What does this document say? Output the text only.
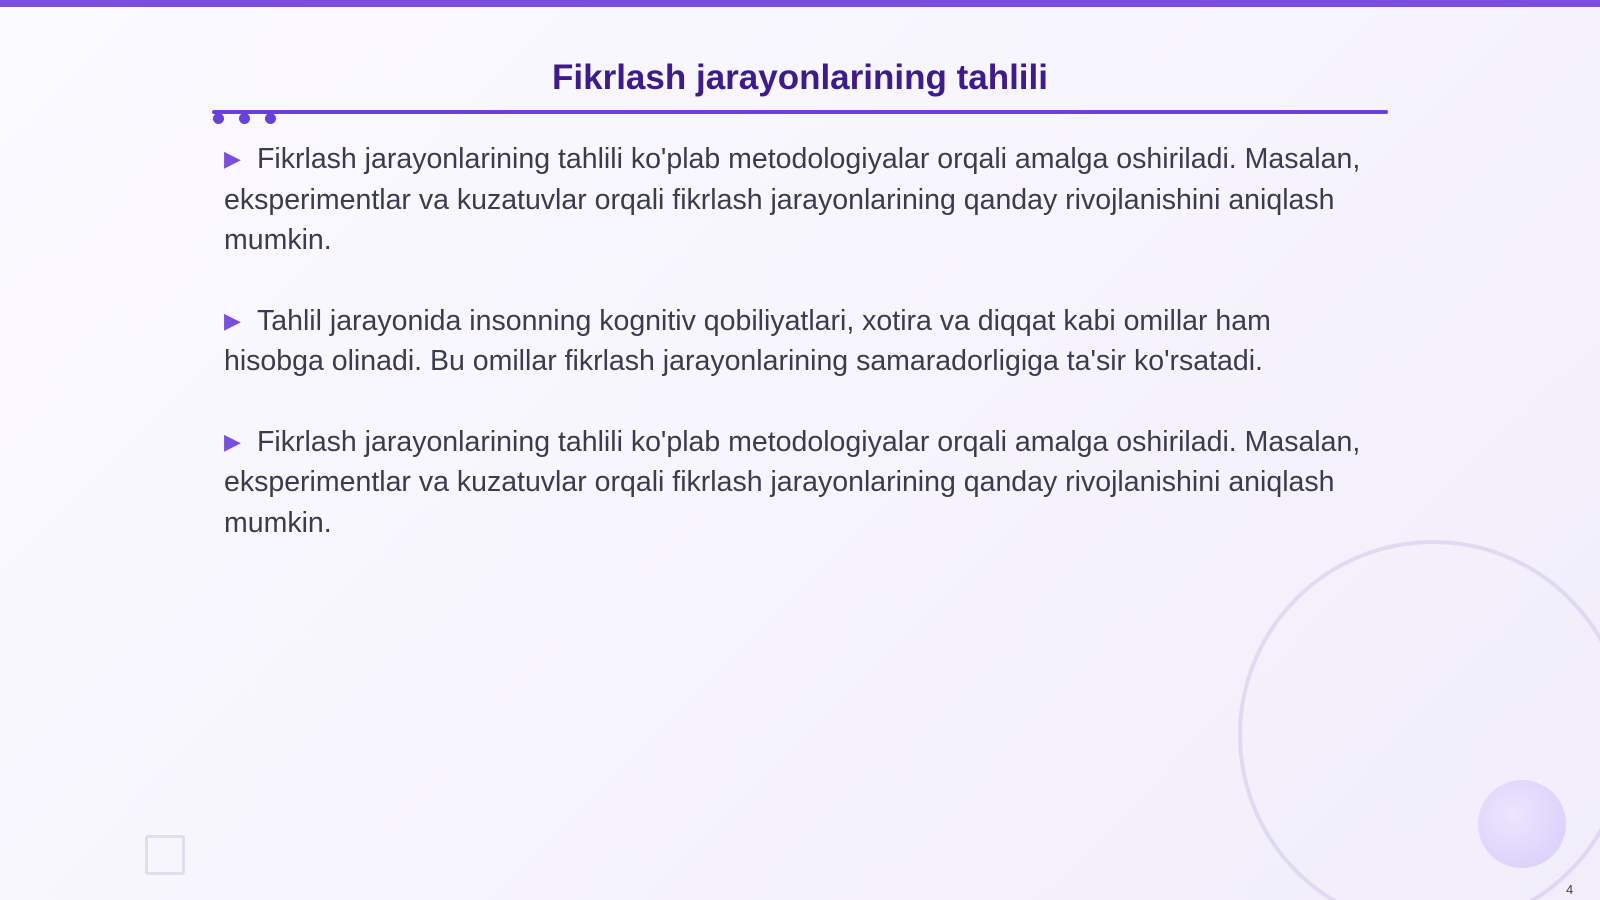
Fikrlash jarayonlarining tahlili

▶ Fikrlash jarayonlarining tahlili ko'plab metodologiyalar orqali amalga oshiriladi. Masalan, eksperimentlar va kuzatuvlar orqali fikrlash jarayonlarining qanday rivojlanishini aniqlash mumkin.

▶ Tahlil jarayonida insonning kognitiv qobiliyatlari, xotira va diqqat kabi omillar ham hisobga olinadi. Bu omillar fikrlash jarayonlarining samaradorligiga ta'sir ko'rsatadi.

▶ Fikrlash jarayonlarining tahlili ko'plab metodologiyalar orqali amalga oshiriladi. Masalan, eksperimentlar va kuzatuvlar orqali fikrlash jarayonlarining qanday rivojlanishini aniqlash mumkin.

4
